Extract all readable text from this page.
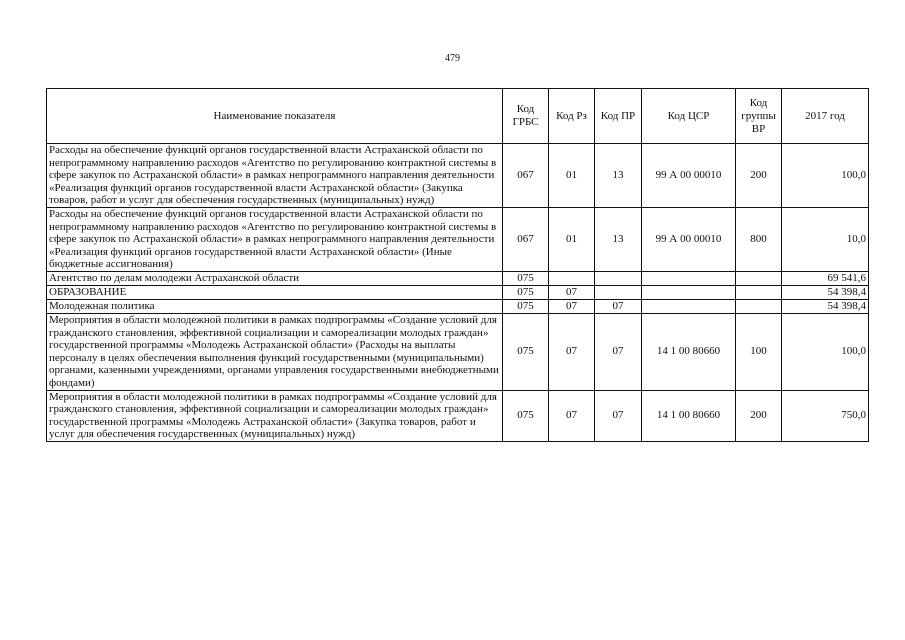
479
Наименование показателя	Код ГРБС	Код Рз	Код ПР	Код ЦСР	Код группы ВР	2017 год
Расходы на обеспечение функций органов государственной власти Астраханской области по непрограммному направлению расходов «Агентство по регулированию контрактной системы в сфере закупок по Астраханской области» в рамках непрограммного направления деятельности «Реализация функций органов государственной власти Астраханской области» (Закупка товаров, работ и услуг для обеспечения государственных (муниципальных) нужд)	067	01	13	99 А 00 00010	200	100,0
Расходы на обеспечение функций органов государственной власти Астраханской области по непрограммному направлению расходов «Агентство по регулированию контрактной системы в сфере закупок по Астраханской области» в рамках непрограммного направления деятельности «Реализация функций органов государственной власти Астраханской области» (Иные бюджетные ассигнования)	067	01	13	99 А 00 00010	800	10,0
Агентство по делам молодежи Астраханской области	075					69 541,6
ОБРАЗОВАНИЕ	075	07				54 398,4
Молодежная политика	075	07	07			54 398,4
Мероприятия в области молодежной политики в рамках подпрограммы «Создание условий для гражданского становления, эффективной социализации и самореализации молодых граждан» государственной программы «Молодежь Астраханской области» (Расходы на выплаты персоналу в целях обеспечения выполнения функций государственными (муниципальными) органами, казенными учреждениями, органами управления государственными внебюджетными фондами)	075	07	07	14 1 00 80660	100	100,0
Мероприятия в области молодежной политики в рамках подпрограммы «Создание условий для гражданского становления, эффективной социализации и самореализации молодых граждан» государственной программы «Молодежь Астраханской области» (Закупка товаров, работ и услуг для обеспечения государственных (муниципальных) нужд)	075	07	07	14 1 00 80660	200	750,0
